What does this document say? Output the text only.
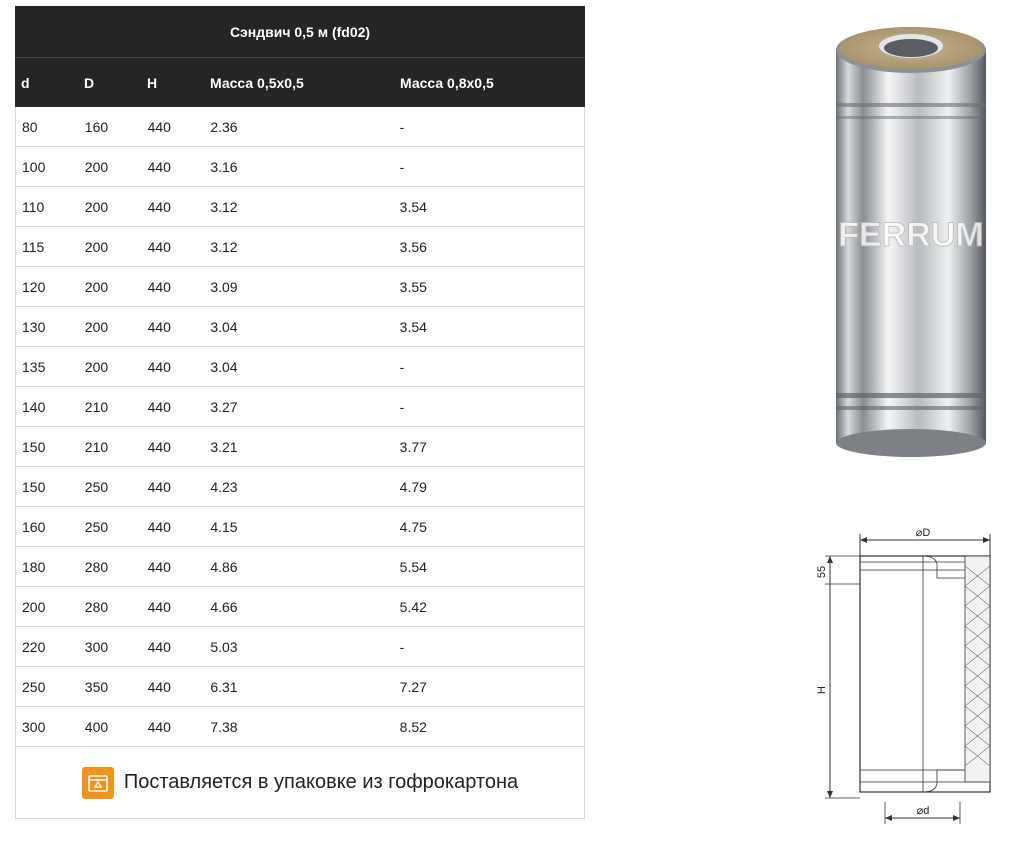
Сэндвич 0,5 м (fd02)
d	D	H	Масса 0,5x0,5	Масса 0,8x0,5
80	160	440	2.36	-
100	200	440	3.16	-
110	200	440	3.12	3.54
115	200	440	3.12	3.56
120	200	440	3.09	3.55
130	200	440	3.04	3.54
135	200	440	3.04	-
140	210	440	3.27	-
150	210	440	3.21	3.77
150	250	440	4.23	4.79
160	250	440	4.15	4.75
180	280	440	4.86	5.54
200	280	440	4.66	5.42
220	300	440	5.03	-
250	350	440	6.31	7.27
300	400	440	7.38	8.52
Поставляется в упаковке из гофрокартона
FERRUM
⌀D
55
H
⌀d
